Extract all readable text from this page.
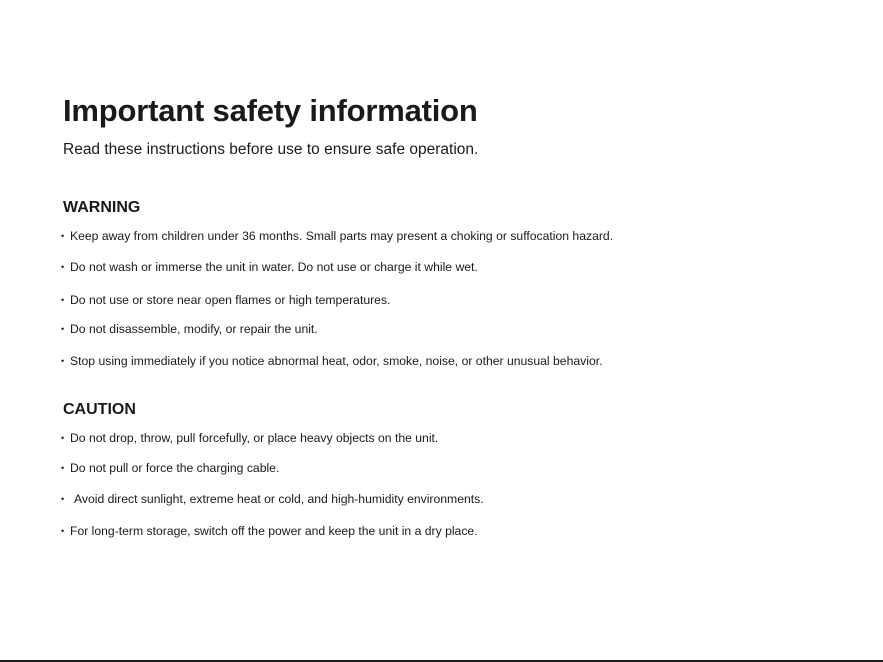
Important safety information

Read these instructions before use to ensure safe operation.

WARNING

• Keep away from children under 36 months. Small parts may present a choking or suffocation hazard.

• Do not wash or immerse the unit in water. Do not use or charge it while wet.

• Do not use or store near open flames or high temperatures.

• Do not disassemble, modify, or repair the unit.

• Stop using immediately if you notice abnormal heat, odor, smoke, noise, or other unusual behavior.

CAUTION

• Do not drop, throw, pull forcefully, or place heavy objects on the unit.

• Do not pull or force the charging cable.

• Avoid direct sunlight, extreme heat or cold, and high-humidity environments.

• For long-term storage, switch off the power and keep the unit in a dry place.
